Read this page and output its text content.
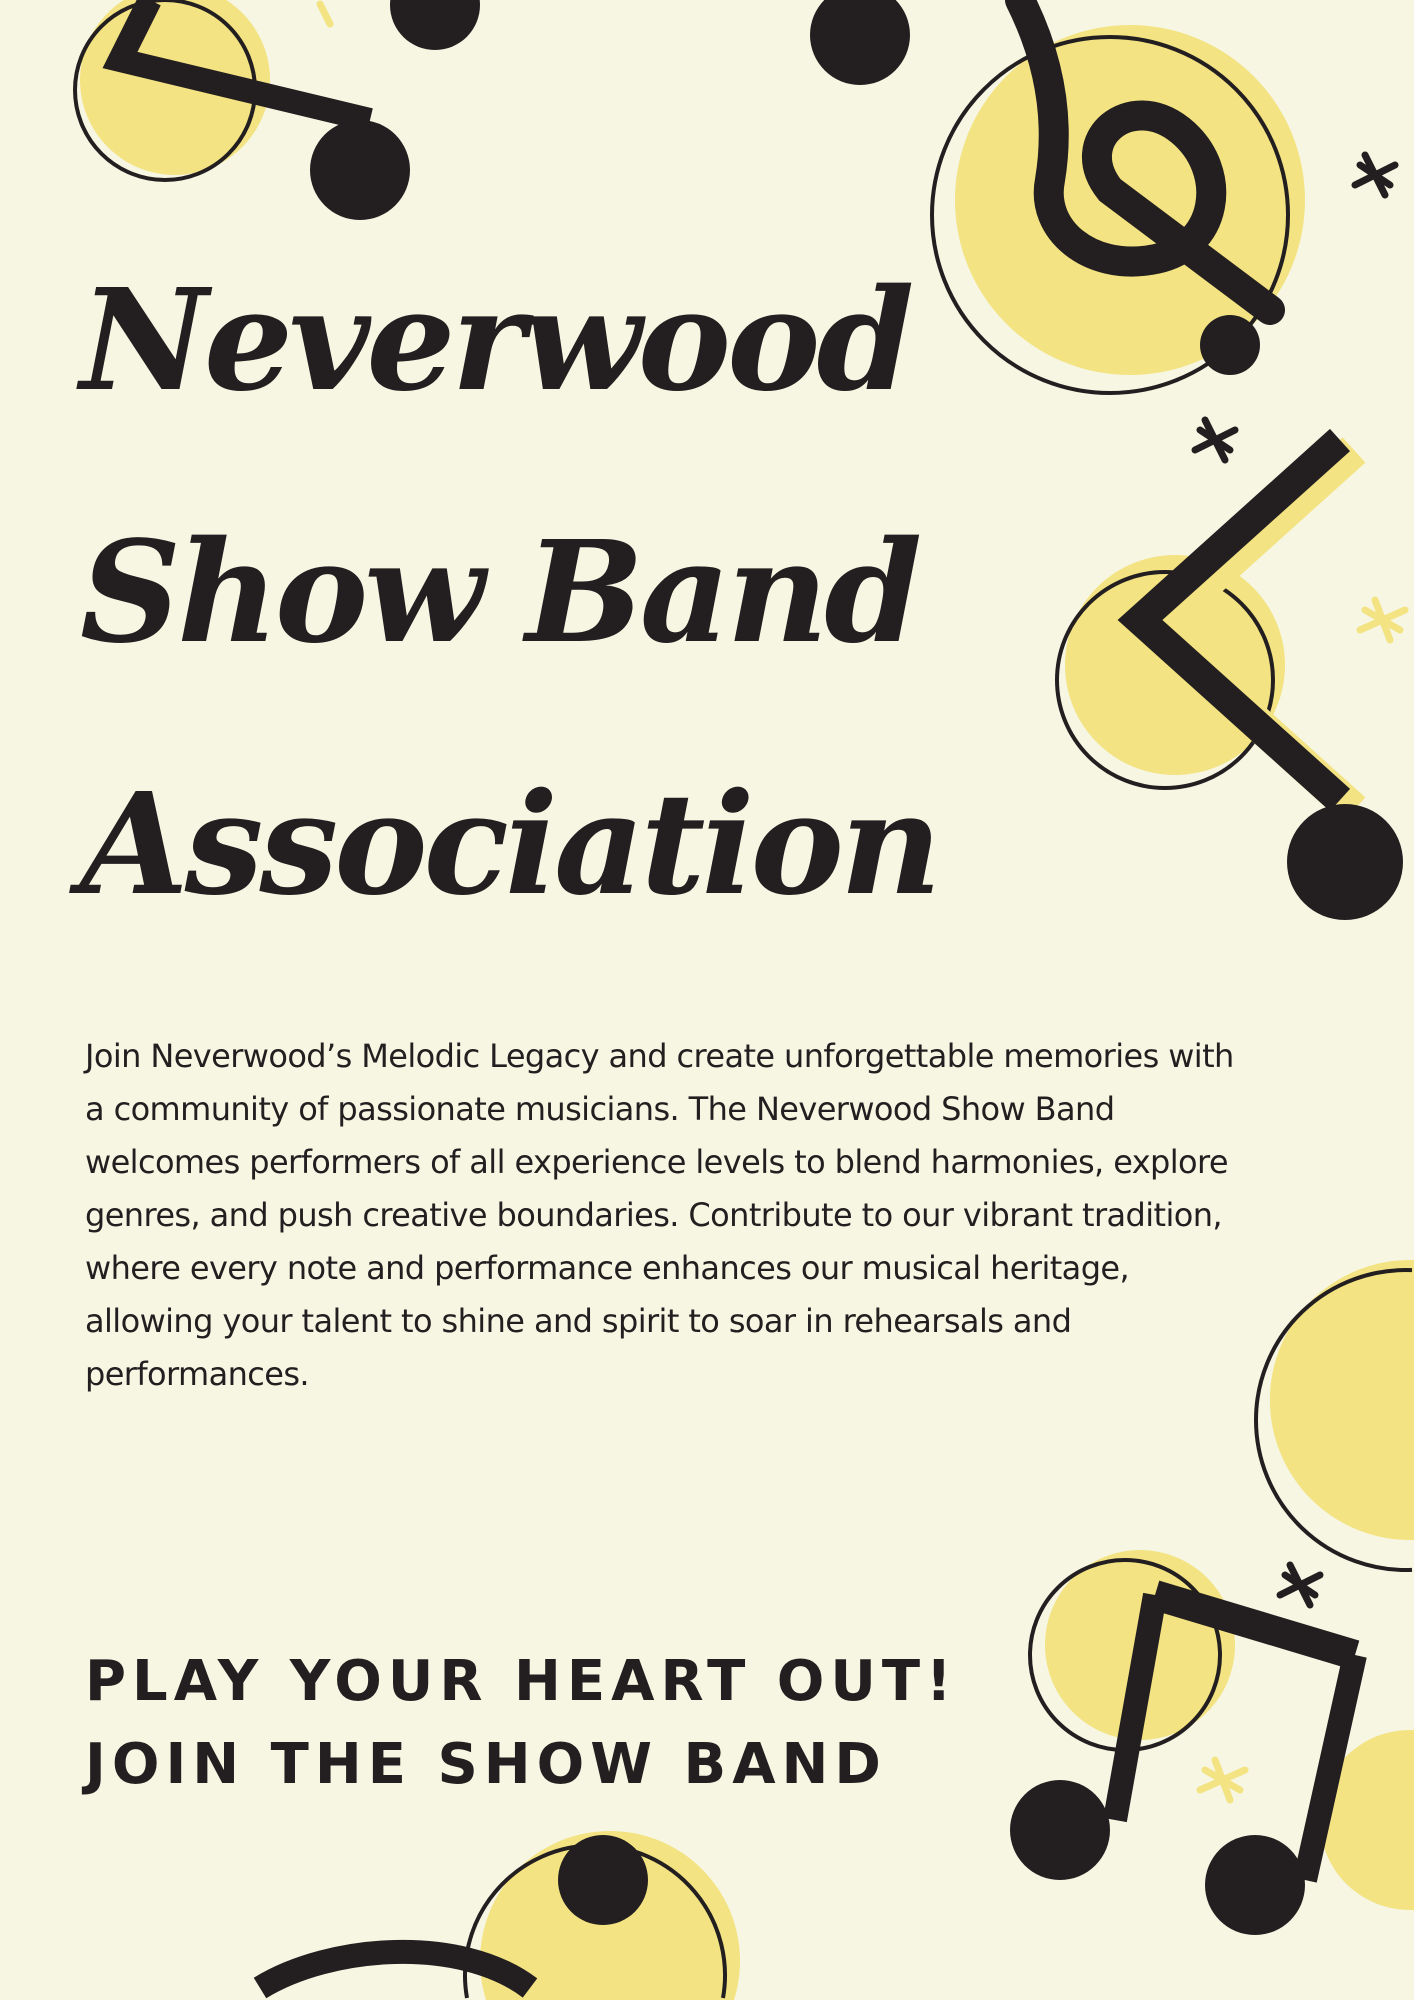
Neverwood
Show Band
Association

Join Neverwood’s Melodic Legacy and create unforgettable memories with a community of passionate musicians. The Neverwood Show Band welcomes performers of all experience levels to blend harmonies, explore genres, and push creative boundaries. Contribute to our vibrant tradition, where every note and performance enhances our musical heritage, allowing your talent to shine and spirit to soar in rehearsals and performances.

PLAY YOUR HEART OUT!
JOIN THE SHOW BAND
